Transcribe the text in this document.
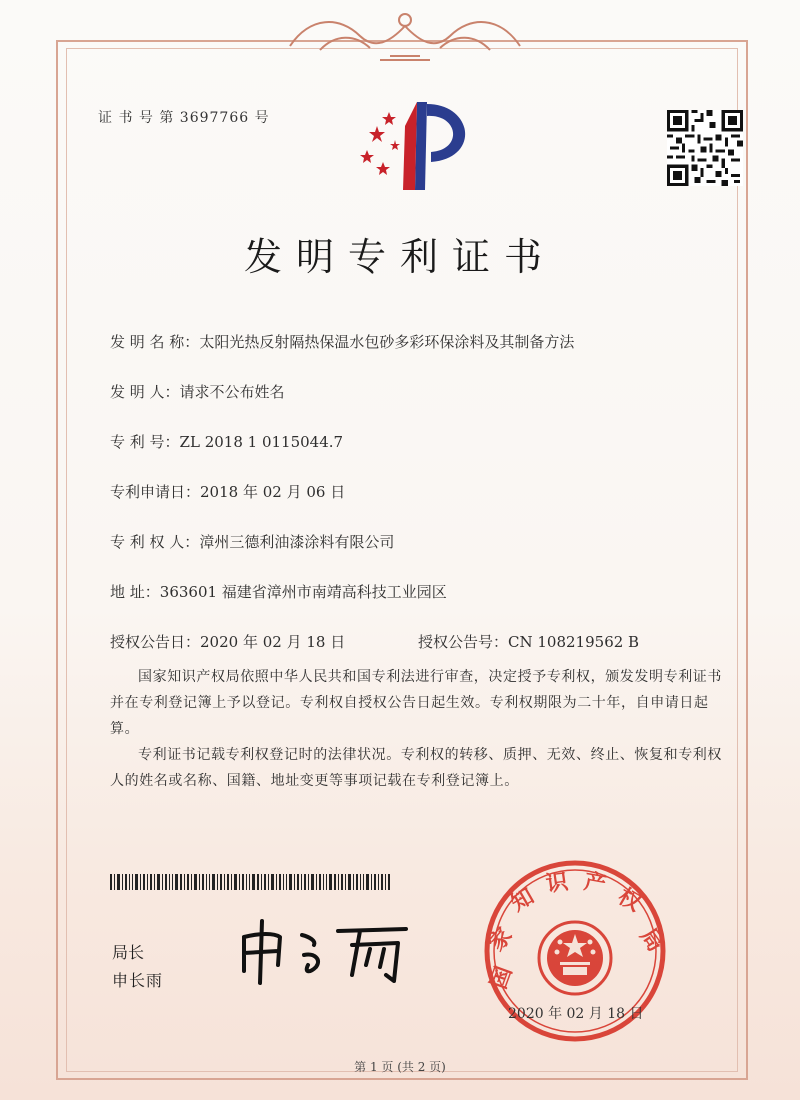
证 书 号 第 3697766 号
发明专利证书
发 明 名 称：太阳光热反射隔热保温水包砂多彩环保涂料及其制备方法
发 明 人：请求不公布姓名
专 利 号：ZL 2018 1 0115044.7
专利申请日：2018 年 02 月 06 日
专 利 权 人：漳州三德利油漆涂料有限公司
地 址：363601 福建省漳州市南靖高科技工业园区
授权公告日：2020 年 02 月 18 日	授权公告号：CN 108219562 B
国家知识产权局依照中华人民共和国专利法进行审查，决定授予专利权，颁发发明专利证书并在专利登记簿上予以登记。专利权自授权公告日起生效。专利权期限为二十年，自申请日起算。
专利证书记载专利权登记时的法律状况。专利权的转移、质押、无效、终止、恢复和专利权人的姓名或名称、国籍、地址变更等事项记载在专利登记簿上。
局长
申长雨	国
家
知
识 产
权
局
2020 年 02 月 18 日
第 1 页 (共 2 页)
